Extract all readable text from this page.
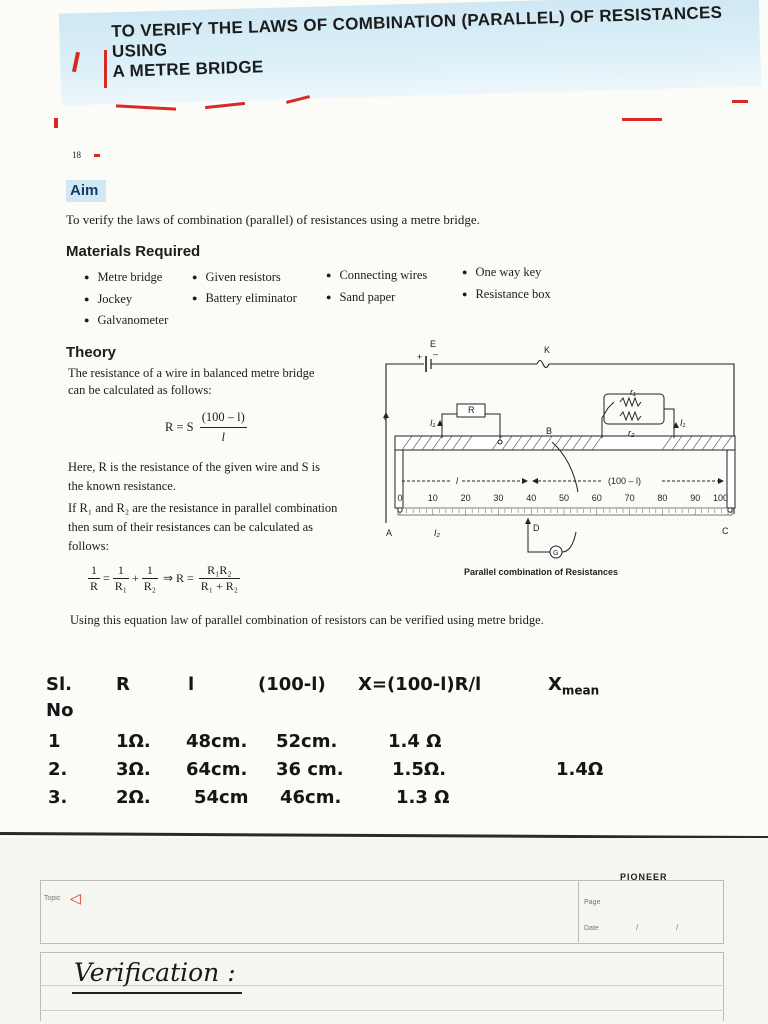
TO VERIFY THE LAWS OF COMBINATION (PARALLEL) OF RESISTANCES USING
A METRE BRIDGE
18
Aim
To verify the laws of combination (parallel) of resistances using a metre bridge.
Materials Required
● Metre bridge	● Given resistors	● Connecting wires	● One way key
● Jockey	● Battery eliminator	● Sand paper	● Resistance box
● Galvanometer
Theory
The resistance of a wire in balanced metre bridge
can be calculated as follows:
R = S $\frac{(100 - l)}{l}$
Here, R is the resistance of the given wire and S is
the known resistance.
If R₁ and R₂ are the resistance in parallel combination
then sum of their resistances can be calculated as
follows:
$\frac{1}{R} = \frac{1}{\text{R₁}} + \frac{1}{\text{R₂}}$ ⇒ $R = \frac{\text{R₁R₂}}{\text{R₁ + R₂}}$
Using this equation law of parallel combination of resistors can be verified using metre bridge.
0	10	20	30	40	50	60	70	80	90 100
E
+ –	K
R
B
r₁
r₂
I
I₁	I₁
I₂
l	(100 – l)
A	C
D
G
Parallel combination of Resistances
Sl.
No
R	l	(100-l) X=(100-l)R/l	$X_{mean}$
1	1Ω. 48cm. 52cm.	1.4 Ω
2.	3Ω. 64cm. 36 cm.	1.5Ω.	1.4Ω
3.	2Ω. 54cm 46cm.	1.3 Ω
PIONEER
Topic ◁	Page
Date	/	/
Verification :
